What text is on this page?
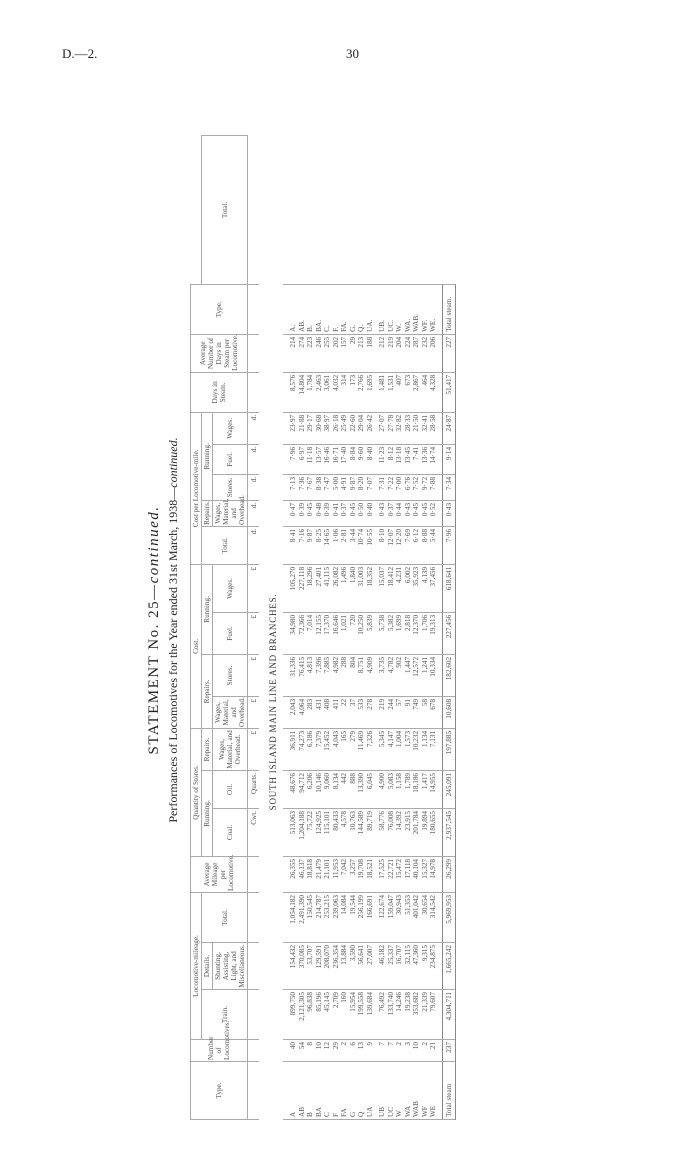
D.—2.	30
STATEMENT No. 25—continued. Performances of Locomotives for the Year ended 31st March, 1938—continued.
Type.	Number of Locomotives.	Locomotive-mileage.			Average Mileage per Locomotive.	Quantity of Stores.			Cost.				Cost per Locomotive-mile.					Days in Steam.	Average Number of Days in Steam per Locomotive.	Type.	
		Train.	Details.	Total.		Running.		Repairs.	Repairs.		Running.		Total.	Repairs.	Running.						Total.
			Shunting, Assisting, Light, and Miscellaneous.			Coal.	Oil.	Wages, Material, and Overhead.	Wages, Material, and Overhead.	Stores.	Fuel.	Wages.		Wages, Material, and Overhead.	Stores.	Fuel.	Wages.				
						Cwt.	Quarts.	£	£	£	£	£	d.	d.	d.	d.	d.				
SOUTH ISLAND MAIN LINE AND BRANCHES.																					
A	40	899,750	154,432	1,054,182	26,355	513,063	48,676	36,911	2,043	31,336	34,980	105,270	8·41	0·47	7·13	7·96	23·97	8,576	214	A.	
AB	54	2,121,305	370,085	2,491,390	46,137	1,204,188	94,712	74,273	4,064	76,415	72,366	227,118	7·16	0·39	7·36	6·97	21·88	14,804	274	AB.	
B	8	96,838	53,707	150,545	18,818	75,722	6,206	6,186	283	4,813	7,014	18,296	9·87	0·45	7·67	11·18	29·17	1,784	223	B.	
BA	10	85,196	129,591	214,787	21,479	124,925	10,146	7,379	431	7,396	12,155	27,401	8·25	0·48	8·38	13·57	30·68	2,463	246	BA.	
C	12	45,145	208,070	253,215	21,101	115,101	9,060	15,452	408	7,885	17,370	41,115	14·65	0·39	7·47	16·46	38·97	3,061	255	C.	
F	29	2,709	236,354	239,063	11,953	80,433	8,134	4,043	411	4,982	16,646	26,082	1·06	0·41	5·00	16·71	26·18	4,032	202	F.	
FA	2	160	13,884	14,084	7,042	4,578	442	165	22	288	1,021	1,496	2·81	0·37	4·91	17·40	25·49	314	157	FA.	
G	6	15,954	3,590	19,544	3,257	10,763	888	279	37	804	720	1,840	3·44	0·45	9·87	8·84	22·60	173	29	G.	
Q	13	199,558	56,641	256,199	19,708	144,589	13,390	11,469	533	8,751	10,250	31,003	10·74	0·50	8·20	9·60	29·04	2,766	213	Q.	
UA	9	139,684	27,007	166,691	18,521	89,719	6,045	7,326	278	4,909	5,839	18,352	10·55	0·40	7·07	8·40	26·42	1,695	188	UA.	

UB	7	76,492	46,182	122,674	17,525	58,776	4,900	5,345	219	3,735	5,738	15,037	8·10	0·43	7·31	11·23	27·07	1,481	212	UB.	
UC	7	133,740	25,337	159,047	22,721	76,008	5,083	4,147	244	4,782	5,382	18,412	12·07	0·37	7·22	8·12	27·78	1,531	219	UC.	
W	2	14,246	16,707	30,943	15,472	14,392	1,158	1,004	57	902	1,699	4,231	12·20	0·44	7·00	13·18	32·82	407	204	W.	
WA	3	19,238	32,115	51,353	17,118	23,915	1,789	1,573	91	1,447	2,818	6,002	7·69	0·43	6·76	13·45	28·33	673	224	WA.	
WAB	10	353,682	47,360	401,042	40,104	201,784	18,186	10,232	749	12,572	12,370	35,923	6·12	0·45	7·52	7·41	21·50	2,867	287	WAB.	
WF	2	21,339	9,315	30,654	15,327	19,894	1,417	1,134	58	1,241	1,706	4,139	8·88	0·45	9·72	13·36	32·41	464	232	WF.	
WE	21	79,607	234,875	314,542	14,978	180,655	14,955	7,131	678	10,334	19,313	37,456	5·44	0·52	7·88	14·74	28·58	4,328	206	WE.	

Total steam	237	4,304,711	1,665,242	5,969,953	26,299	2,937,545	245,091	197,885	10,608	182,602	227,456	618,641	7·96	0·43	7·34	9·14	24·87	51,417	227	Total steam.	
